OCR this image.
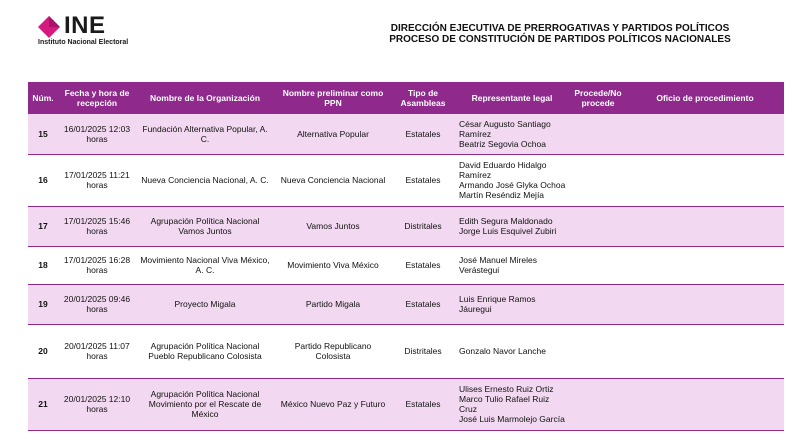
INE
Instituto Nacional Electoral
DIRECCIÓN EJECUTIVA DE PRERROGATIVAS Y PARTIDOS POLÍTICOS
PROCESO DE CONSTITUCIÓN DE PARTIDOS POLÍTICOS NACIONALES
Núm.	Fecha y hora de recepción	Nombre de la Organización	Nombre preliminar como PPN	Tipo de Asambleas	Representante legal	Procede/No procede	Oficio de procedimiento
15	16/01/2025 12:03 horas	Fundación Alternativa Popular, A. C.	Alternativa Popular	Estatales	César Augusto Santiago Ramírez
Beatriz Segovia Ochoa		

16	17/01/2025 11:21 horas	Nueva Conciencia Nacional, A. C.	Nueva Conciencia Nacional	Estatales	David Eduardo Hidalgo Ramírez
Armando José Glyka Ochoa
Martín Reséndiz Mejía		

17	17/01/2025 15:46 horas	Agrupación Política Nacional Vamos Juntos	Vamos Juntos	Distritales	Edith Segura Maldonado
Jorge Luis Esquivel Zubiri		

18	17/01/2025 16:28 horas	Movimiento Nacional Viva México, A. C.	Movimiento Viva México	Estatales	José Manuel Mireles Verástegui		

19	20/01/2025 09:46 horas	Proyecto Migala	Partido Migala	Estatales	Luis Enrique Ramos Jáuregui		

20	20/01/2025 11:07 horas	Agrupación Política Nacional Pueblo Republicano Colosista	Partido Republicano Colosista	Distritales	Gonzalo Navor Lanche		

21	20/01/2025 12:10 horas	Agrupación Política Nacional Movimiento por el Rescate de México	México Nuevo Paz y Futuro	Estatales	Ulises Ernesto Ruiz Ortiz
Marco Tulio Rafael Ruiz Cruz
José Luis Marmolejo García		
